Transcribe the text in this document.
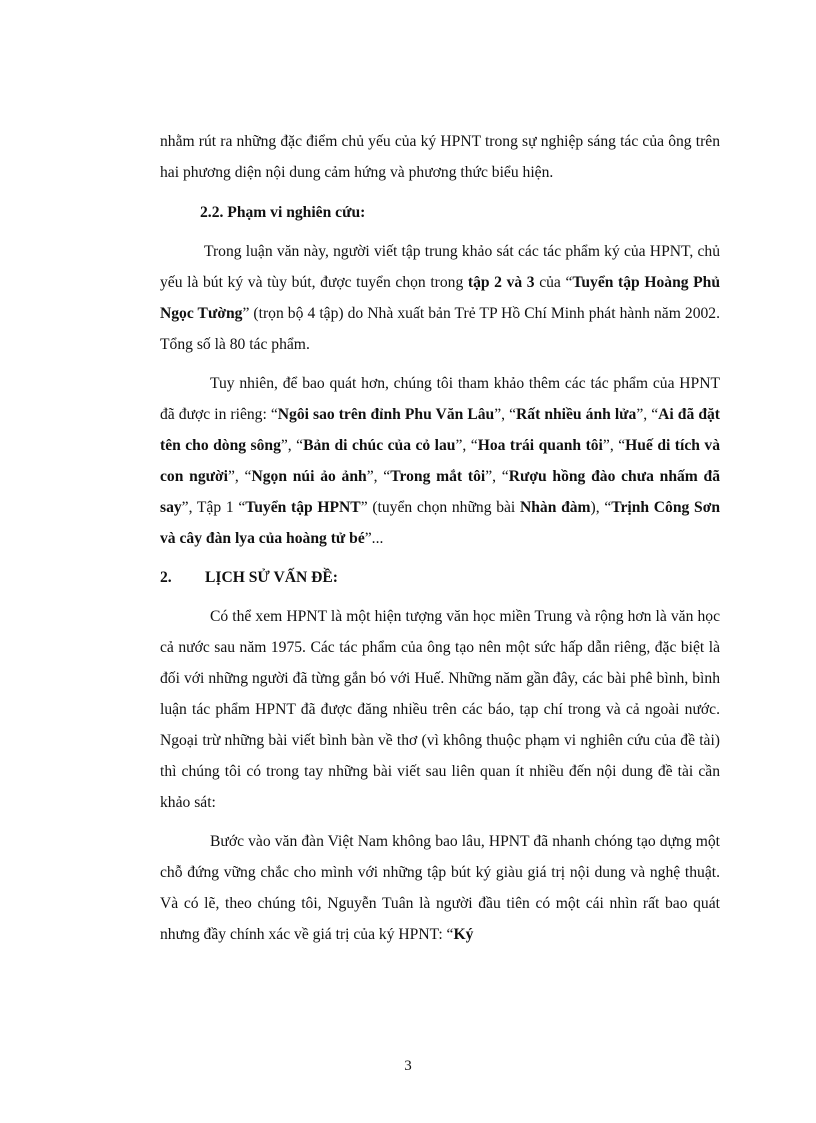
nhằm rút ra những đặc điểm chủ yếu của ký HPNT trong sự nghiệp sáng tác của ông trên hai phương diện nội dung cảm hứng và phương thức biểu hiện.

2.2. Phạm vi nghiên cứu:

Trong luận văn này, người viết tập trung khảo sát các tác phẩm ký của HPNT, chủ yếu là bút ký và tùy bút, được tuyển chọn trong tập 2 và 3 của “Tuyển tập Hoàng Phủ Ngọc Tường” (trọn bộ 4 tập) do Nhà xuất bản Trẻ TP Hồ Chí Minh phát hành năm 2002. Tổng số là 80 tác phẩm.

Tuy nhiên, để bao quát hơn, chúng tôi tham khảo thêm các tác phẩm của HPNT đã được in riêng: “Ngôi sao trên đỉnh Phu Văn Lâu”, “Rất nhiều ánh lửa”, “Ai đã đặt tên cho dòng sông”, “Bản di chúc của cỏ lau”, “Hoa trái quanh tôi”, “Huế di tích và con người”, “Ngọn núi ảo ảnh”, “Trong mắt tôi”, “Rượu hồng đào chưa nhấm đã say”, Tập 1 “Tuyển tập HPNT” (tuyển chọn những bài Nhàn đàm), “Trịnh Công Sơn và cây đàn lya của hoàng tử bé”...

2.	LỊCH SỬ VẤN ĐỀ:

Có thể xem HPNT là một hiện tượng văn học miền Trung và rộng hơn là văn học cả nước sau năm 1975. Các tác phẩm của ông tạo nên một sức hấp dẫn riêng, đặc biệt là đối với những người đã từng gắn bó với Huế. Những năm gần đây, các bài phê bình, bình luận tác phẩm HPNT đã được đăng nhiều trên các báo, tạp chí trong và cả ngoài nước. Ngoại trừ những bài viết bình bàn về thơ (vì không thuộc phạm vi nghiên cứu của đề tài) thì chúng tôi có trong tay những bài viết sau liên quan ít nhiều đến nội dung đề tài cần khảo sát:

Bước vào văn đàn Việt Nam không bao lâu, HPNT đã nhanh chóng tạo dựng một chỗ đứng vững chắc cho mình với những tập bút ký giàu giá trị nội dung và nghệ thuật. Và có lẽ, theo chúng tôi, Nguyễn Tuân là người đầu tiên có một cái nhìn rất bao quát nhưng đầy chính xác về giá trị của ký HPNT: “Ký

3
